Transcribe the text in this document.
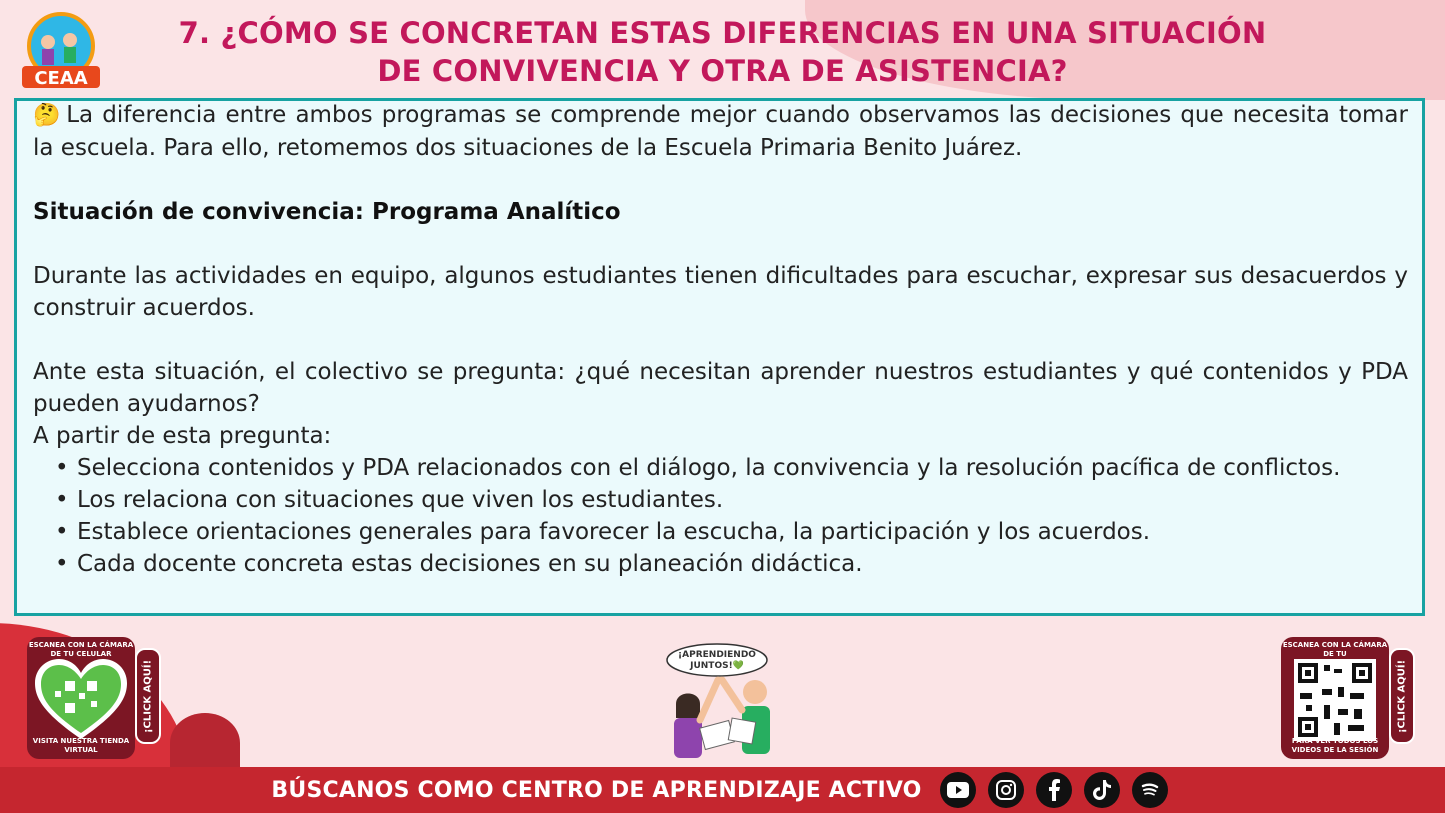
CEAA
7. ¿CÓMO SE CONCRETAN ESTAS DIFERENCIAS EN UNA SITUACIÓN
DE CONVIVENCIA Y OTRA DE ASISTENCIA?

🤔 La diferencia entre ambos programas se comprende mejor cuando observamos las decisiones que necesita tomar la escuela. Para ello, retomemos dos situaciones de la Escuela Primaria Benito Juárez.

Situación de convivencia: Programa Analítico

Durante las actividades en equipo, algunos estudiantes tienen dificultades para escuchar, expresar sus desacuerdos y construir acuerdos.

Ante esta situación, el colectivo se pregunta: ¿qué necesitan aprender nuestros estudiantes y qué contenidos y PDA pueden ayudarnos?

A partir de esta pregunta:

• Selecciona contenidos y PDA relacionados con el diálogo, la convivencia y la resolución pacífica de conflictos.
• Los relaciona con situaciones que viven los estudiantes.
• Establece orientaciones generales para favorecer la escucha, la participación y los acuerdos.
• Cada docente concreta estas decisiones en su planeación didáctica.
ESCANEA CON LA CÁMARA DE TU CELULAR
VISITA NUESTRA TIENDA VIRTUAL
¡CLICK AQUÍ!
¡APRENDIENDO
JUNTOS!💚
ESCANEA CON LA CÁMARA DE TU
PARA VER TODOS LOS VIDEOS DE LA SESIÓN
¡CLICK AQUÍ!
BÚSCANOS COMO CENTRO DE APRENDIZAJE ACTIVO
